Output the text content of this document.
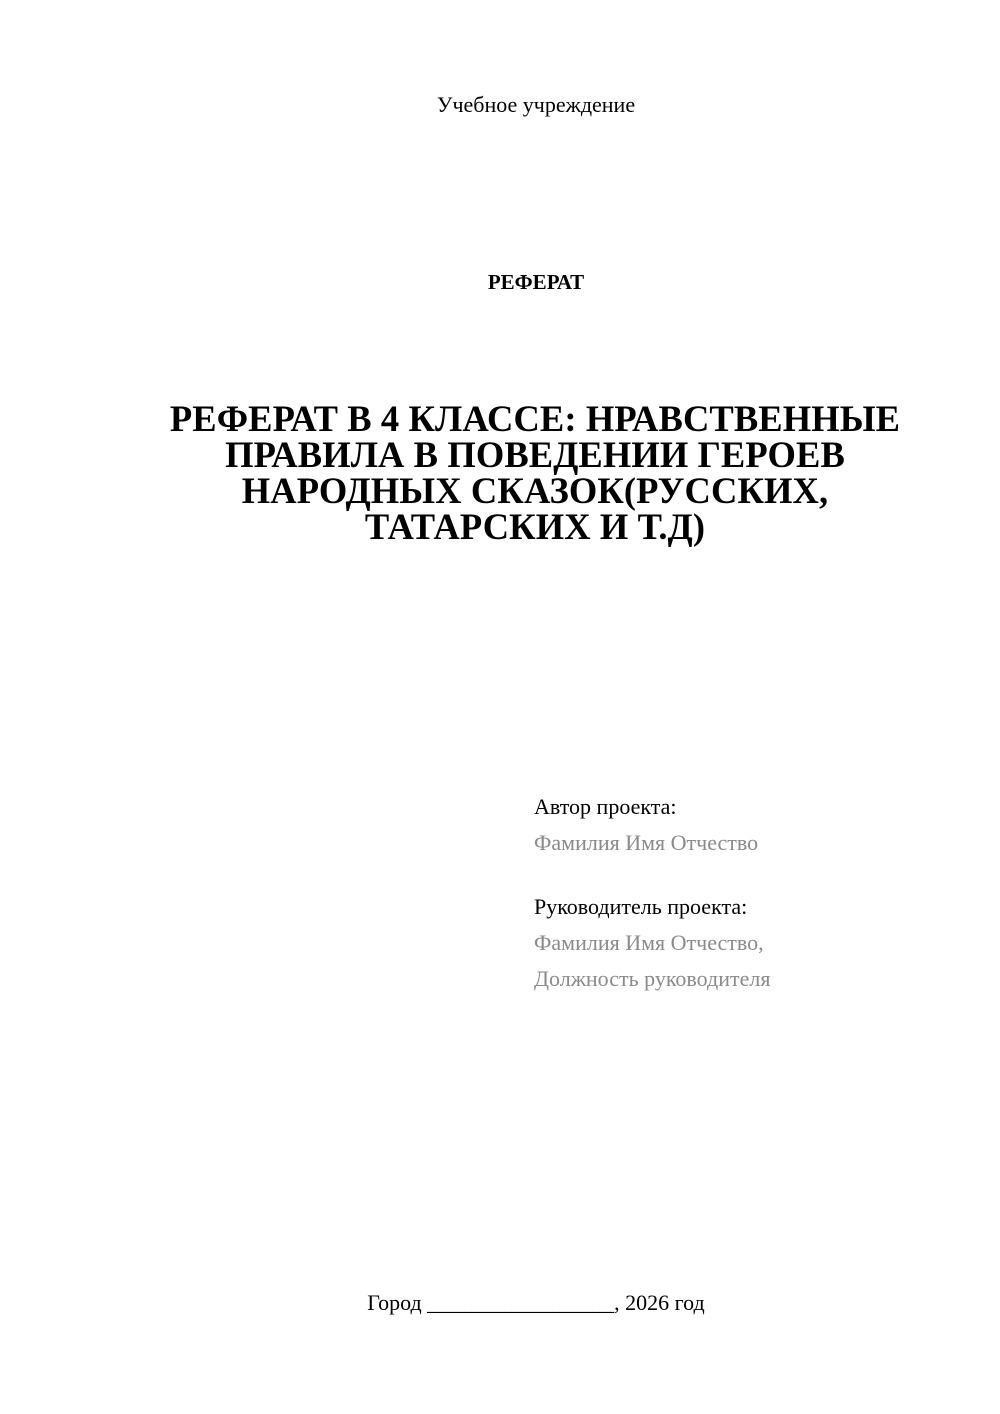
Учебное учреждение
РЕФЕРАТ
РЕФЕРАТ В 4 КЛАССЕ: НРАВСТВЕННЫЕ
ПРАВИЛА В ПОВЕДЕНИИ ГЕРОЕВ
НАРОДНЫХ СКАЗОК(РУССКИХ,
ТАТАРСКИХ И Т.Д)
Автор проекта:
Фамилия Имя Отчество
Руководитель проекта:
Фамилия Имя Отчество,
Должность руководителя
Город _________________, 2026 год
